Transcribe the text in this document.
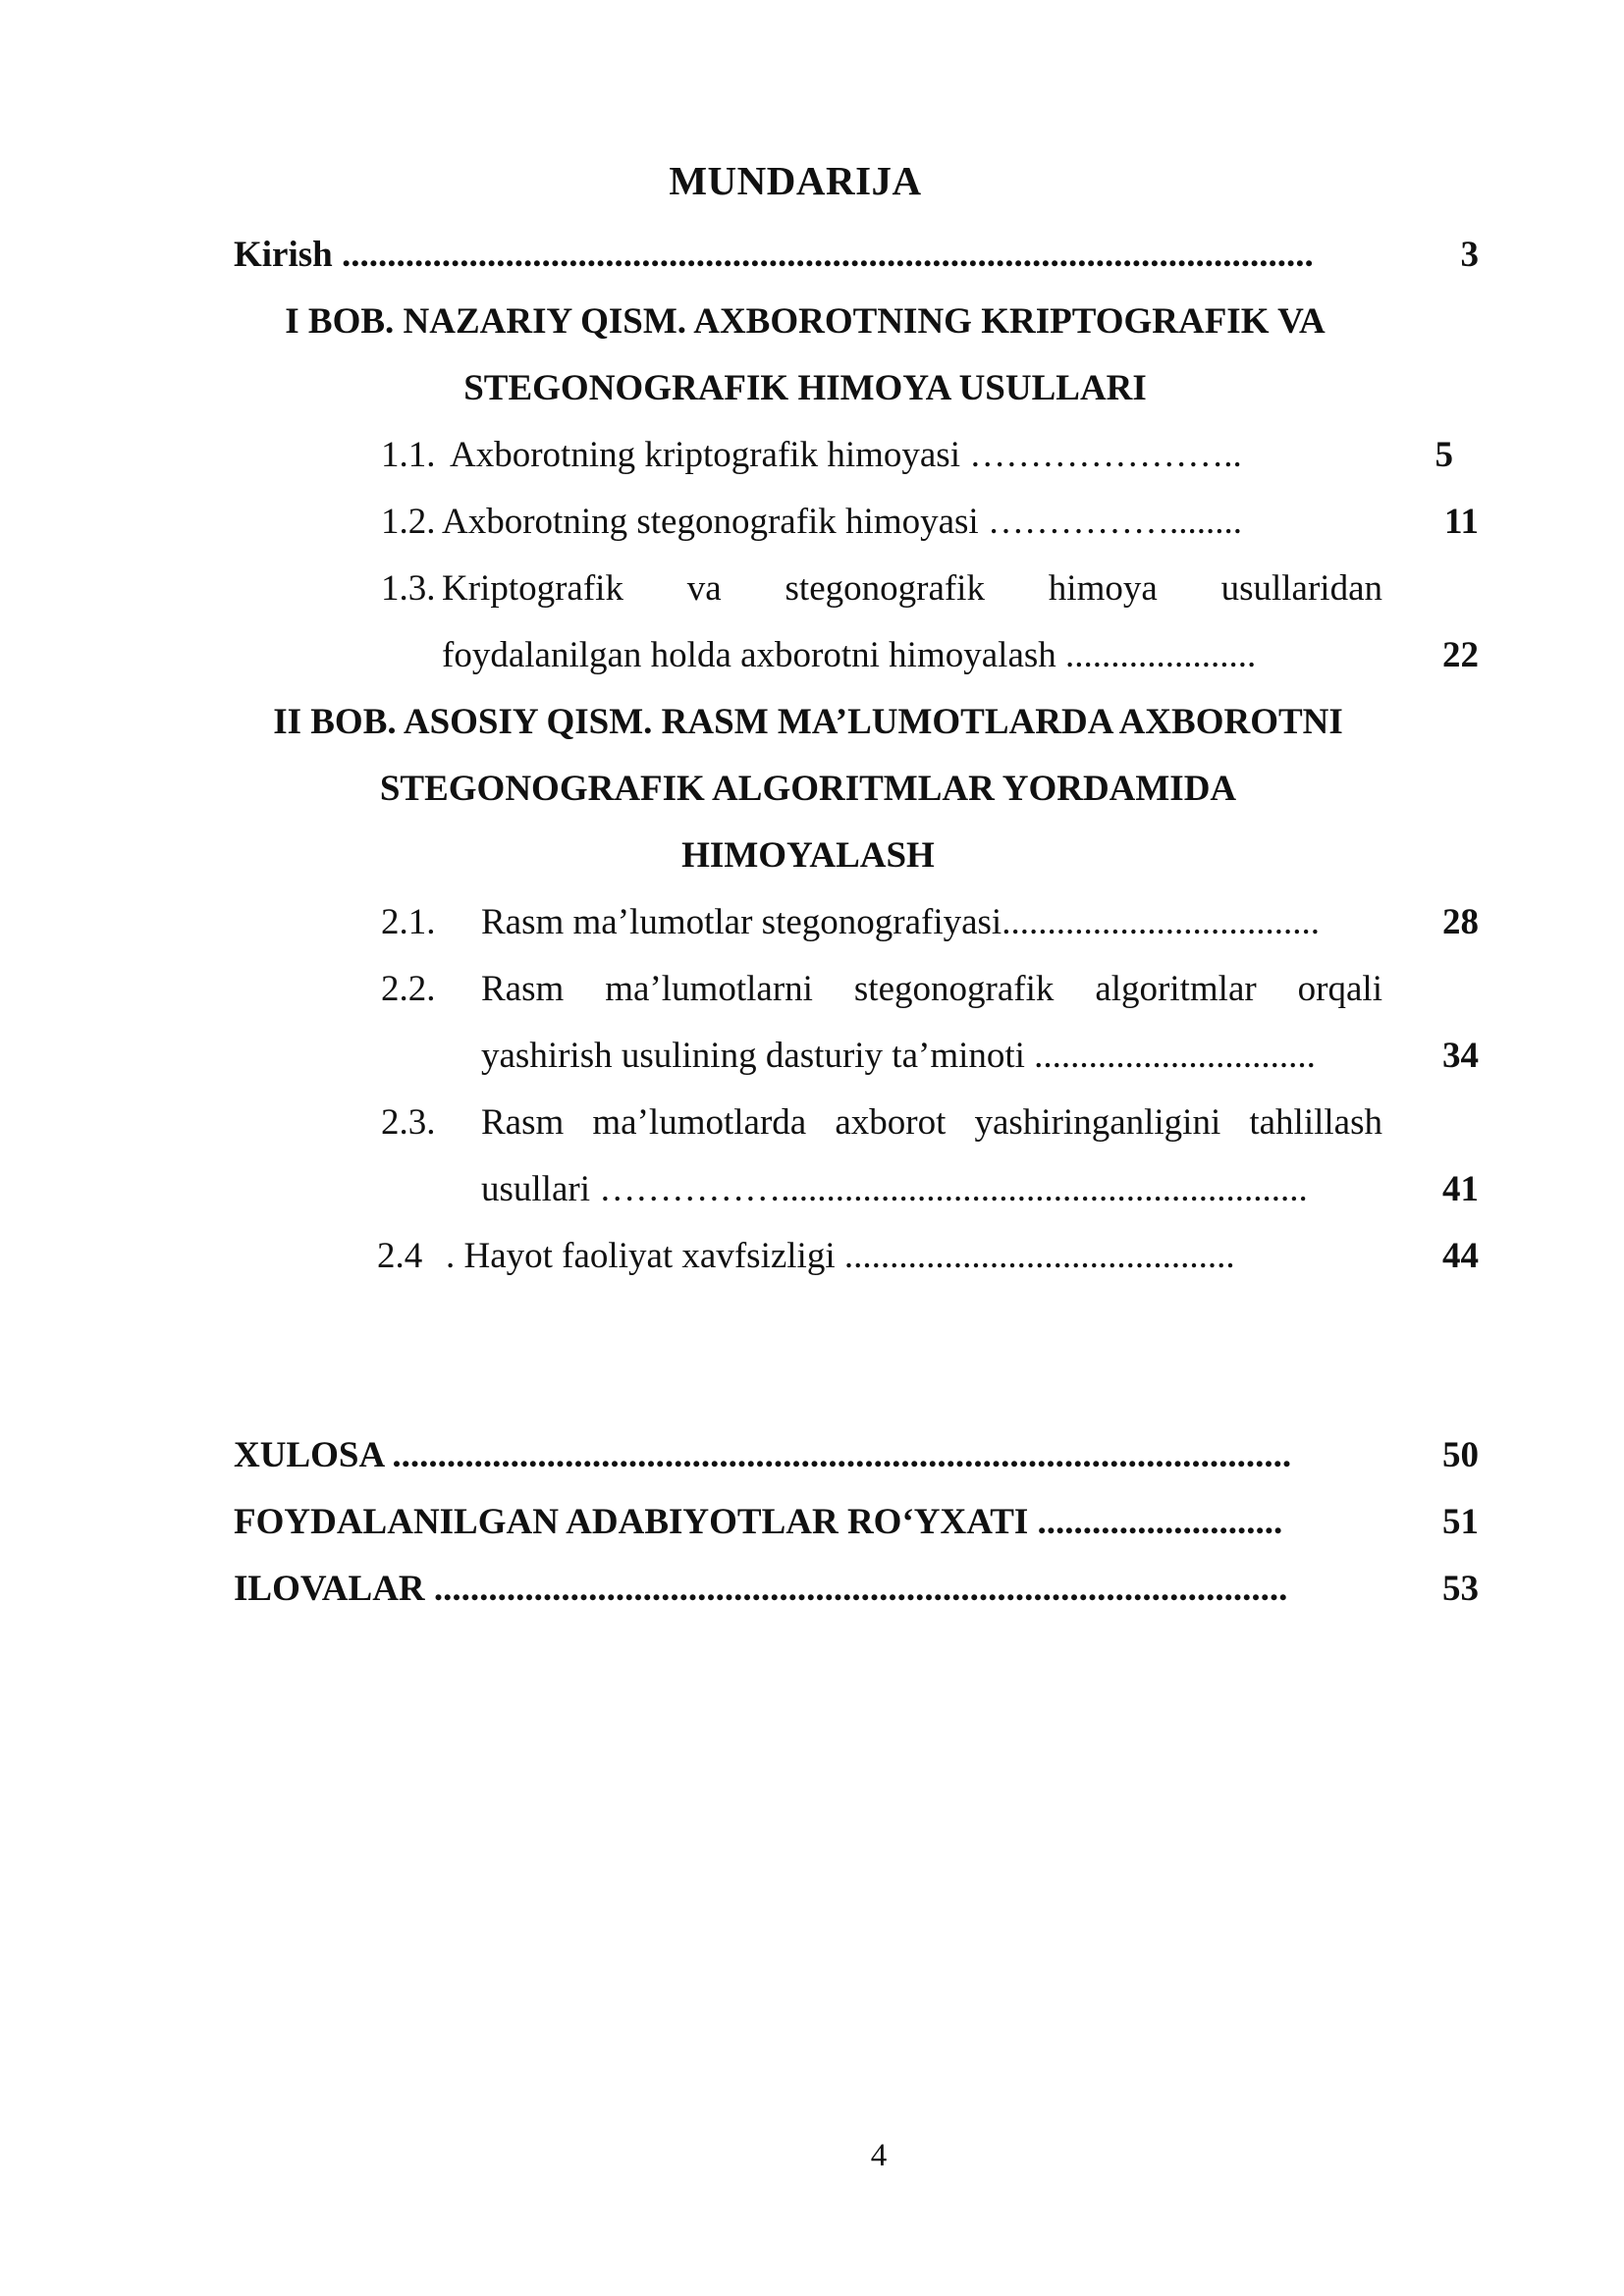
MUNDARIJA
Kirish ...........................................................................................................	3
I BOB. NAZARIY QISM. AXBOROTNING KRIPTOGRAFIK VA
STEGONOGRAFIK HIMOYA USULLARI
1.1. Axborotning kriptografik himoyasi …………………..	5
1.2. Axborotning stegonografik himoyasi ……………........	11
1.3. Kriptografik va stegonografik himoya usullaridan
foydalanilgan holda axborotni himoyalash .....................	22
II BOB. ASOSIY QISM. RASM MA’LUMOTLARDA AXBOROTNI
STEGONOGRAFIK ALGORITMLAR YORDAMIDA
HIMOYALASH
2.1. Rasm ma’lumotlar stegonografiyasi...................................	28
2.2. Rasm ma’lumotlarni stegonografik algoritmlar orqali
yashirish usulining dasturiy ta’minoti ...............................	34
2.3. Rasm ma’lumotlarda axborot yashiringanligini tahlillash
usullari ……………..........................................................	41
2.4 . Hayot faoliyat xavfsizligi ...........................................	44
XULOSA ...................................................................................................	50
FOYDALANILGAN ADABIYOTLAR RO‘YXATI ...........................	51
ILOVALAR ..............................................................................................	53
4
